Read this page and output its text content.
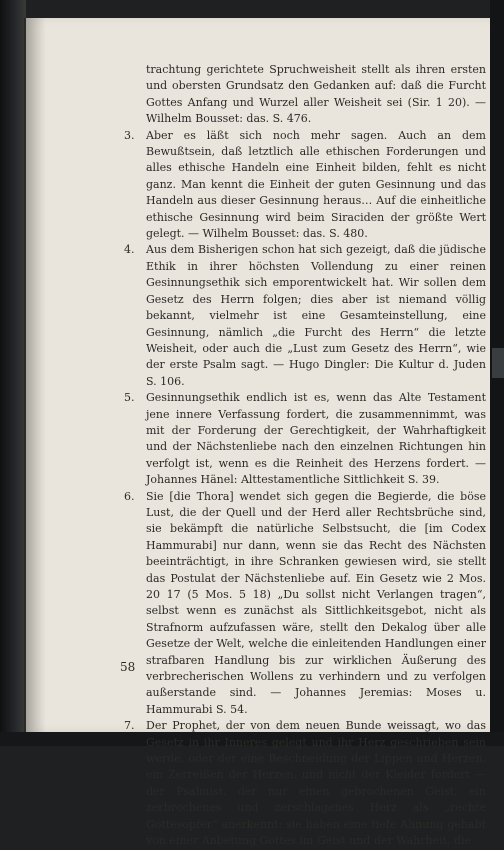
trachtung gerichtete Spruchweisheit stellt als ihren ersten und obersten Grundsatz den Gedanken auf: daß die Furcht Gottes Anfang und Wurzel aller Weisheit sei (Sir. 1 20). — Wilhelm Bousset: das. S. 476.

3. Aber es läßt sich noch mehr sagen. Auch an dem Bewußtsein, daß letztlich alle ethischen Forderungen und alles ethische Handeln eine Einheit bilden, fehlt es nicht ganz. Man kennt die Einheit der guten Gesinnung und das Handeln aus dieser Gesinnung heraus… Auf die einheitliche ethische Gesinnung wird beim Siraciden der größte Wert gelegt. — Wilhelm Bousset: das. S. 480.

4. Aus dem Bisherigen schon hat sich gezeigt, daß die jüdische Ethik in ihrer höchsten Vollendung zu einer reinen Gesinnungsethik sich emporentwickelt hat. Wir sollen dem Gesetz des Herrn folgen; dies aber ist niemand völlig bekannt, vielmehr ist eine Gesamteinstellung, eine Gesinnung, nämlich „die Furcht des Herrn“ die letzte Weisheit, oder auch die „Lust zum Gesetz des Herrn“, wie der erste Psalm sagt. — Hugo Dingler: Die Kultur d. Juden S. 106.

5. Gesinnungsethik endlich ist es, wenn das Alte Testament jene innere Verfassung fordert, die zusammennimmt, was mit der Forderung der Gerechtigkeit, der Wahrhaftigkeit und der Nächstenliebe nach den einzelnen Richtungen hin verfolgt ist, wenn es die Reinheit des Herzens fordert. — Johannes Hänel: Alttestamentliche Sittlichkeit S. 39.

6. Sie [die Thora] wendet sich gegen die Begierde, die böse Lust, die der Quell und der Herd aller Rechtsbrüche sind, sie bekämpft die natürliche Selbstsucht, die [im Codex Hammurabi] nur dann, wenn sie das Recht des Nächsten beeinträchtigt, in ihre Schranken gewiesen wird, sie stellt das Postulat der Nächstenliebe auf. Ein Gesetz wie 2 Mos. 20 17 (5 Mos. 5 18) „Du sollst nicht Verlangen tragen“, selbst wenn es zunächst als Sittlichkeitsgebot, nicht als Strafnorm aufzufassen wäre, stellt den Dekalog über alle Gesetze der Welt, welche die einleitenden Handlungen einer strafbaren Handlung bis zur wirklichen Äußerung des verbrecherischen Wollens zu verhindern und zu verfolgen außerstande sind. — Johannes Jeremias: Moses u. Hammurabi S. 54.

7. Der Prophet, der von dem neuen Bunde weissagt, wo das Gesetz in ihr Inneres gelegt und ihr Herz geschrieben sein werde, oder der eine Beschneidung der Lippen und Herzen, ein Zerreißen der Herzen, und nicht der Kleider fordert — der Psalmist, der nur einen gebrochenen Geist, ein zerbrochenes und zerschlagenes Herz als „rechte Gottesopfer“ anerkennt: sie haben eine tiefe Ahnung gehabt von einer Anbetung Gottes im Geist und der Wahrheit, die

58
